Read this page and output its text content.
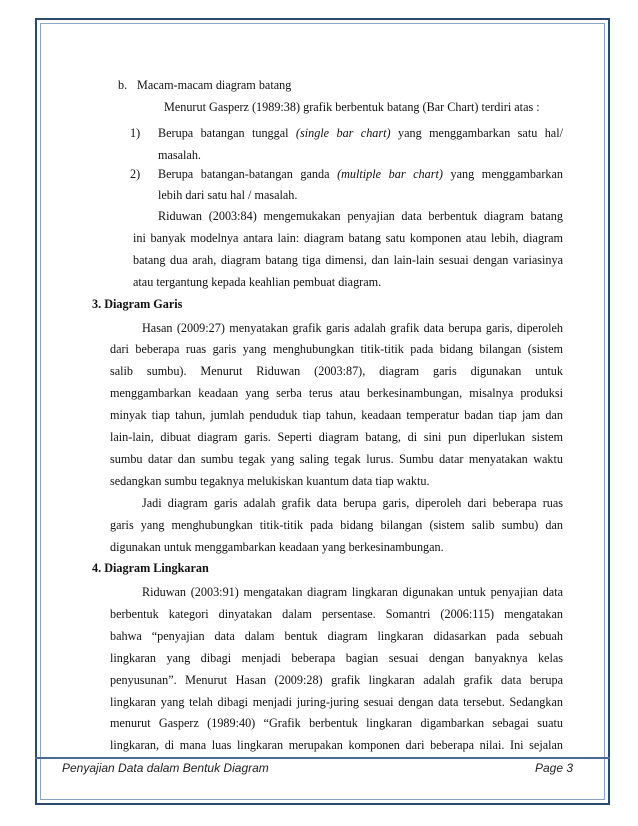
b. Macam-macam diagram batang
Menurut Gasperz (1989:38) grafik berbentuk batang (Bar Chart) terdiri atas :
1) Berupa batangan tunggal (single bar chart) yang menggambarkan satu hal/
masalah.
2) Berupa batangan-batangan ganda (multiple bar chart) yang menggambarkan
lebih dari satu hal / masalah.
Riduwan (2003:84) mengemukakan penyajian data berbentuk diagram batang
ini banyak modelnya antara lain: diagram batang satu komponen atau lebih, diagram
batang dua arah, diagram batang tiga dimensi, dan lain-lain sesuai dengan variasinya
atau tergantung kepada keahlian pembuat diagram.
3. Diagram Garis
Hasan (2009:27) menyatakan grafik garis adalah grafik data berupa garis, diperoleh
dari beberapa ruas garis yang menghubungkan titik-titik pada bidang bilangan (sistem
salib sumbu). Menurut Riduwan (2003:87), diagram garis digunakan untuk
menggambarkan keadaan yang serba terus atau berkesinambungan, misalnya produksi
minyak tiap tahun, jumlah penduduk tiap tahun, keadaan temperatur badan tiap jam dan
lain-lain, dibuat diagram garis. Seperti diagram batang, di sini pun diperlukan sistem
sumbu datar dan sumbu tegak yang saling tegak lurus. Sumbu datar menyatakan waktu
sedangkan sumbu tegaknya melukiskan kuantum data tiap waktu.
Jadi diagram garis adalah grafik data berupa garis, diperoleh dari beberapa ruas
garis yang menghubungkan titik-titik pada bidang bilangan (sistem salib sumbu) dan
digunakan untuk menggambarkan keadaan yang berkesinambungan.
4. Diagram Lingkaran
Riduwan (2003:91) mengatakan diagram lingkaran digunakan untuk penyajian data
berbentuk kategori dinyatakan dalam persentase. Somantri (2006:115) mengatakan
bahwa “penyajian data dalam bentuk diagram lingkaran didasarkan pada sebuah
lingkaran yang dibagi menjadi beberapa bagian sesuai dengan banyaknya kelas
penyusunan”. Menurut Hasan (2009:28) grafik lingkaran adalah grafik data berupa
lingkaran yang telah dibagi menjadi juring-juring sesuai dengan data tersebut. Sedangkan
menurut Gasperz (1989:40) “Grafik berbentuk lingkaran digambarkan sebagai suatu
lingkaran, di mana luas lingkaran merupakan komponen dari beberapa nilai. Ini sejalan
Penyajian Data dalam Bentuk Diagram	Page 3
